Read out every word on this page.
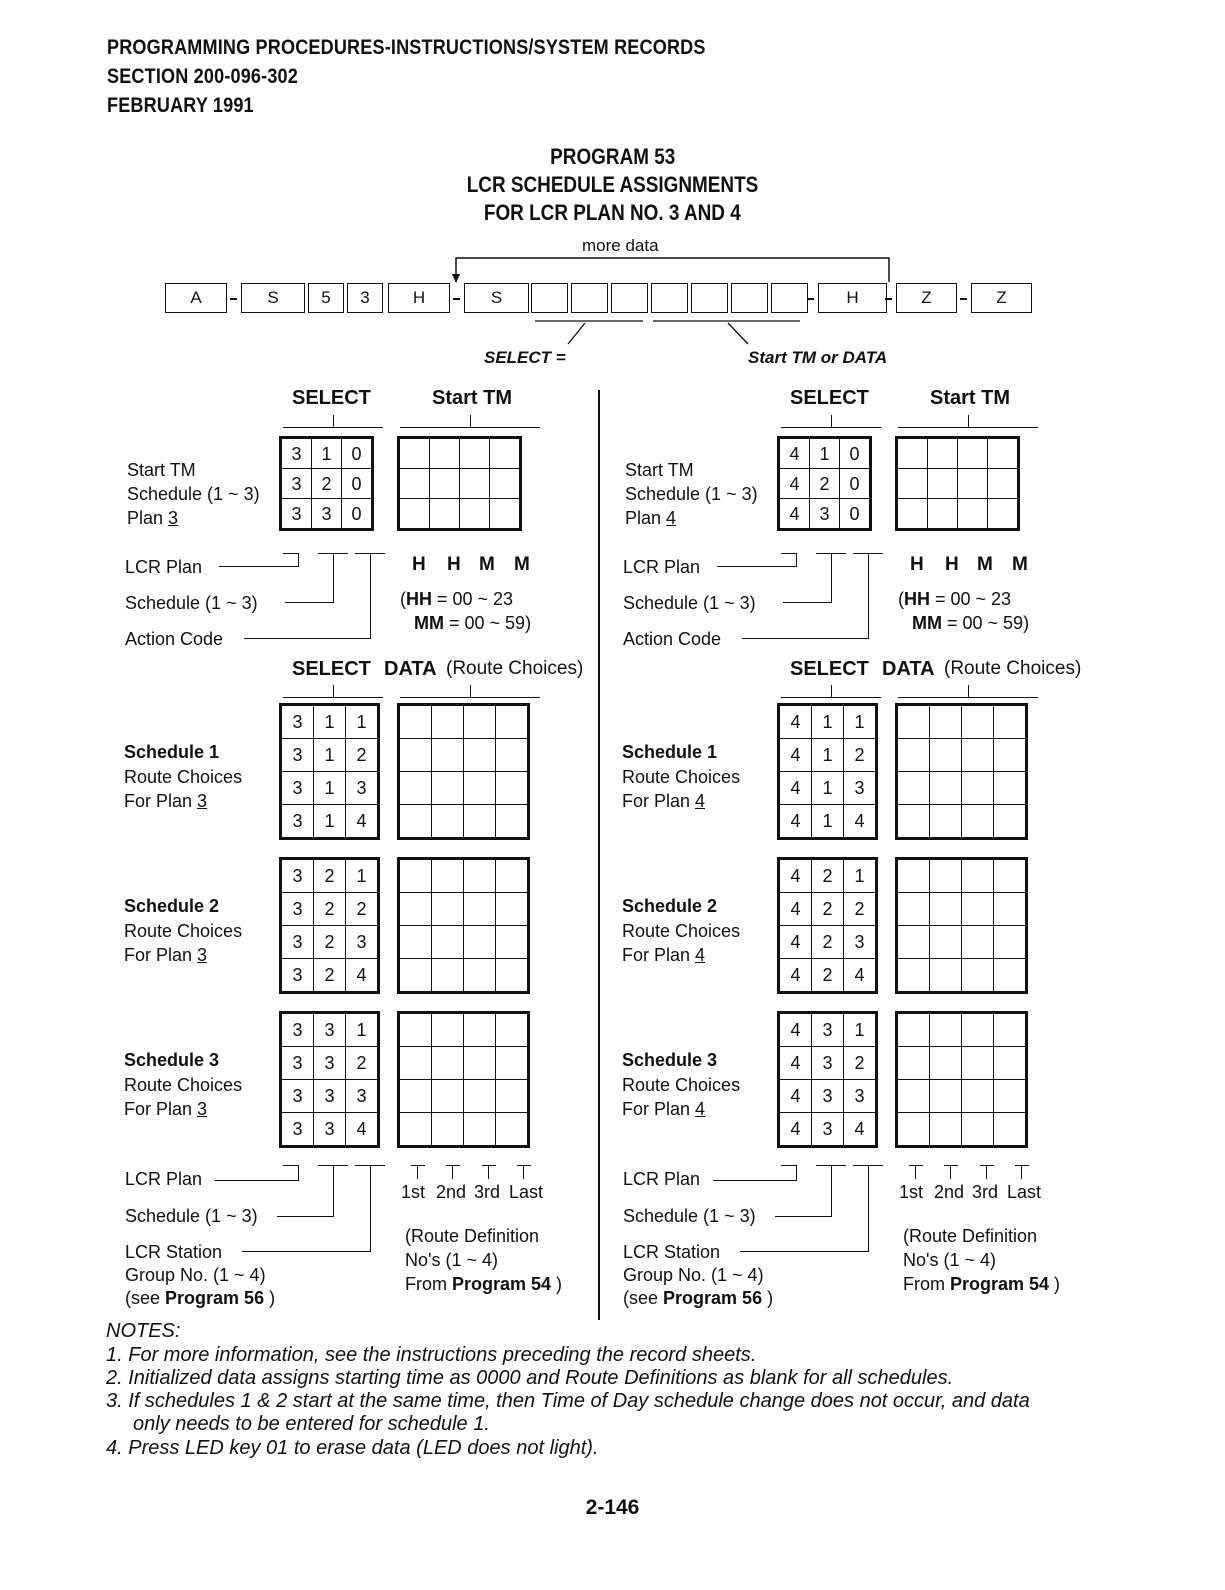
PROGRAMMING PROCEDURES-INSTRUCTIONS/SYSTEM RECORDS
SECTION 200-096-302
FEBRUARY 1991
PROGRAM 53
LCR SCHEDULE ASSIGNMENTS
FOR LCR PLAN NO. 3 AND 4
A	S	5	3	H	S	H	Z	Z
more data
SELECT =	Start TM or DATA
SELECT	Start TM
3	1	0
3	2	0
3	3	0

Start TM
Schedule (1 ~ 3)
Plan 3
LCR Plan
Schedule (1 ~ 3)
Action Code
H H M M
(HH = 00 ~ 23
MM = 00 ~ 59)
SELECT DATA (Route Choices)
3	1	1
3	1	2
3	1	3
3	1	4

Schedule 1
Route Choices
For Plan 3
3	2	1
3	2	2
3	2	3
3	2	4

Schedule 2
Route Choices
For Plan 3
3	3	1
3	3	2
3	3	3
3	3	4

Schedule 3
Route Choices
For Plan 3
LCR Plan
Schedule (1 ~ 3)
LCR Station
Group No. (1 ~ 4)
(see Program 56 )
1st 2nd 3rd Last
(Route Definition
No's (1 ~ 4)
From Program 54 )
SELECT	Start TM
4	1	0
4	2	0
4	3	0

Start TM
Schedule (1 ~ 3)
Plan 4
LCR Plan
Schedule (1 ~ 3)
Action Code
H H M M
(HH = 00 ~ 23
MM = 00 ~ 59)
SELECT DATA (Route Choices)
4	1	1
4	1	2
4	1	3
4	1	4

Schedule 1
Route Choices
For Plan 4
4	2	1
4	2	2
4	2	3
4	2	4

Schedule 2
Route Choices
For Plan 4
4	3	1
4	3	2
4	3	3
4	3	4

Schedule 3
Route Choices
For Plan 4
LCR Plan
Schedule (1 ~ 3)
LCR Station
Group No. (1 ~ 4)
(see Program 56 )
1st 2nd 3rd Last
(Route Definition
No's (1 ~ 4)
From Program 54 )
NOTES:
1. For more information, see the instructions preceding the record sheets.
2. Initialized data assigns starting time as 0000 and Route Definitions as blank for all schedules.
3. If schedules 1 & 2 start at the same time, then Time of Day schedule change does not occur, and data
only needs to be entered for schedule 1.
4. Press LED key 01 to erase data (LED does not light).
2-146
